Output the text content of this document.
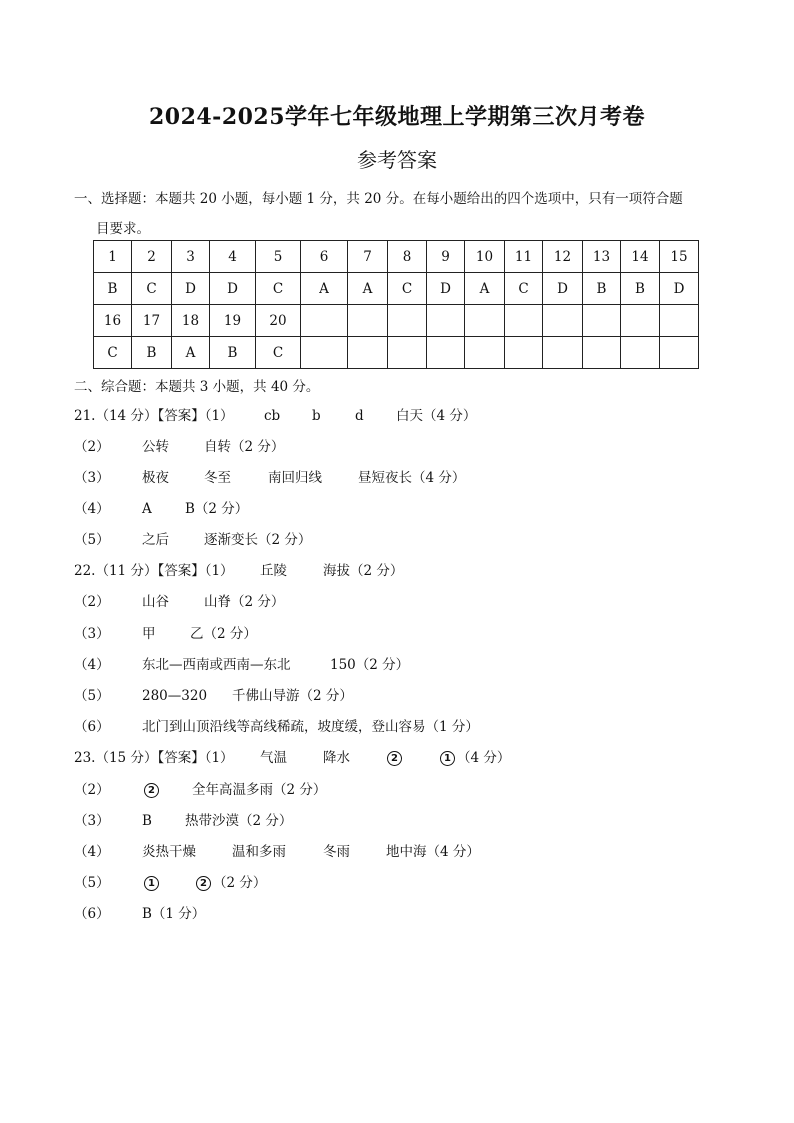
2024-2025学年七年级地理上学期第三次月考卷
参考答案
一、选择题：本题共 20 小题，每小题 1 分，共 20 分。在每小题给出的四个选项中，只有一项符合题
目要求。
1	2	3	4	5	6	7	8	9	10	11	12	13	14	15
B	C	D	D	C	A	A	C	D	A	C	D	B	B	D
16	17	18	19	20										
C	B	A	B	C										
二、综合题：本题共 3 小题，共 40 分。
21.（14 分）【答案】（1） cb b	d 白天（4 分）
（2） 公转	自转（2 分）
（3） 极夜	冬至	南回归线	昼短夜长（4 分）
（4） A B（2 分）
（5） 之后	逐渐变长（2 分）
22.（11 分）【答案】（1） 丘陵	海拔（2 分）
（2） 山谷	山脊（2 分）
（3） 甲	乙（2 分）
（4） 东北—西南或西南—东北	150（2 分）
（5） 280—320 千佛山导游（2 分）
（6） 北门到山顶沿线等高线稀疏，坡度缓，登山容易（1 分）
23.（15 分）【答案】（1） 气温	降水	2	1 （4 分）
（2）	2	全年高温多雨（2 分）
（3） B 热带沙漠（2 分）
（4） 炎热干燥	温和多雨	冬雨	地中海（4 分）
（5）	1	2 （2 分）
（6） B（1 分）
